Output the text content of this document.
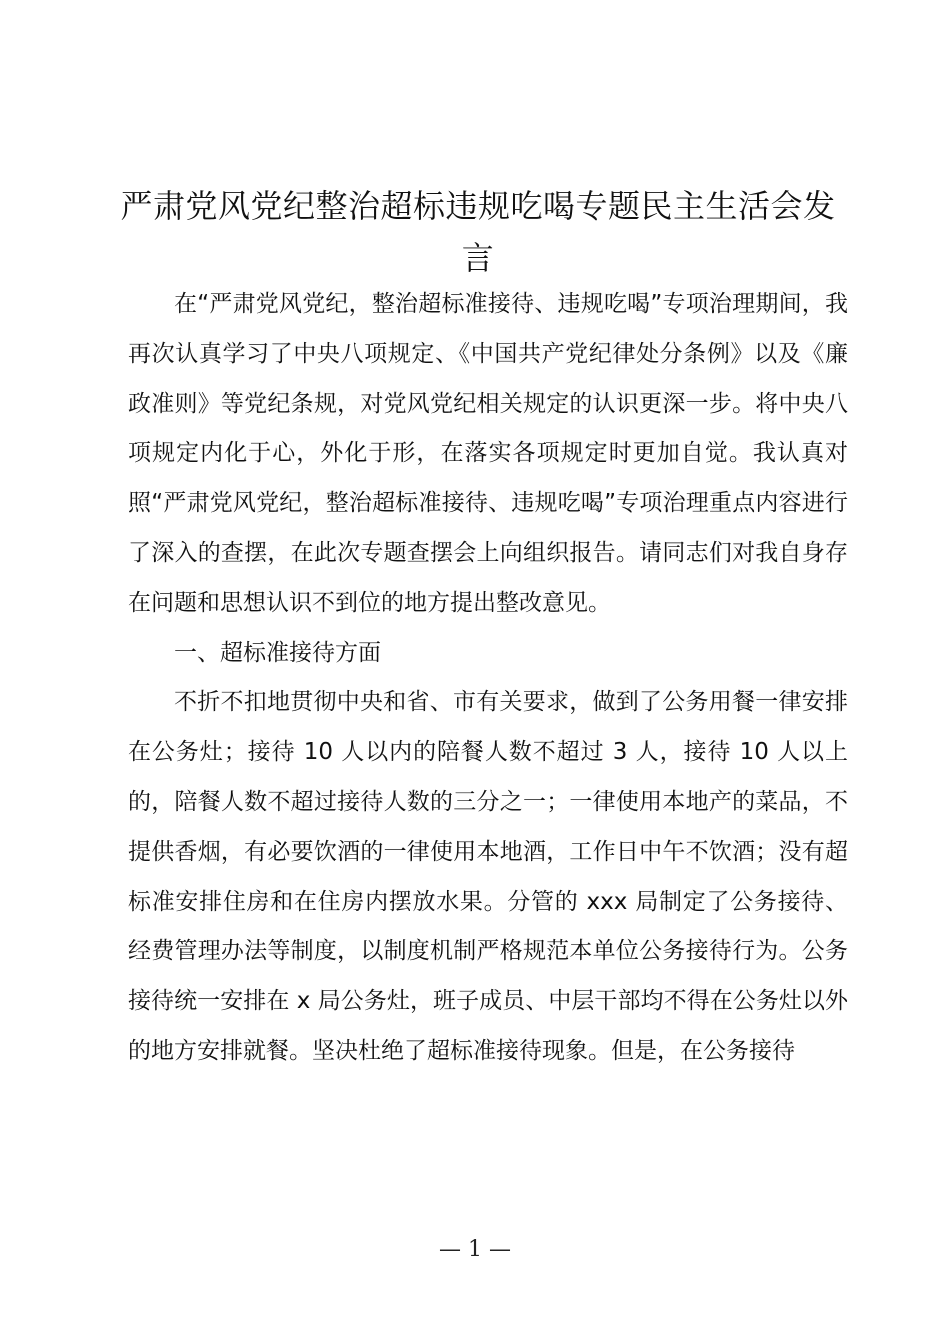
严肃党风党纪整治超标违规吃喝专题民主生活会发言

在“严肃党风党纪，整治超标准接待、违规吃喝”专项治理期间，我再次认真学习了中央八项规定、《中国共产党纪律处分条例》以及《廉政准则》等党纪条规，对党风党纪相关规定的认识更深一步。将中央八项规定内化于心，外化于形，在落实各项规定时更加自觉。我认真对照“严肃党风党纪，整治超标准接待、违规吃喝”专项治理重点内容进行了深入的查摆，在此次专题查摆会上向组织报告。请同志们对我自身存在问题和思想认识不到位的地方提出整改意见。

一、超标准接待方面

不折不扣地贯彻中央和省、市有关要求，做到了公务用餐一律安排在公务灶；接待 10 人以内的陪餐人数不超过 3 人，接待 10 人以上的，陪餐人数不超过接待人数的三分之一；一律使用本地产的菜品，不提供香烟，有必要饮酒的一律使用本地酒，工作日中午不饮酒；没有超标准安排住房和在住房内摆放水果。分管的 xxx 局制定了公务接待、经费管理办法等制度，以制度机制严格规范本单位公务接待行为。公务接待统一安排在 x 局公务灶，班子成员、中层干部均不得在公务灶以外的地方安排就餐。坚决杜绝了超标准接待现象。但是，在公务接待

— 1 —
